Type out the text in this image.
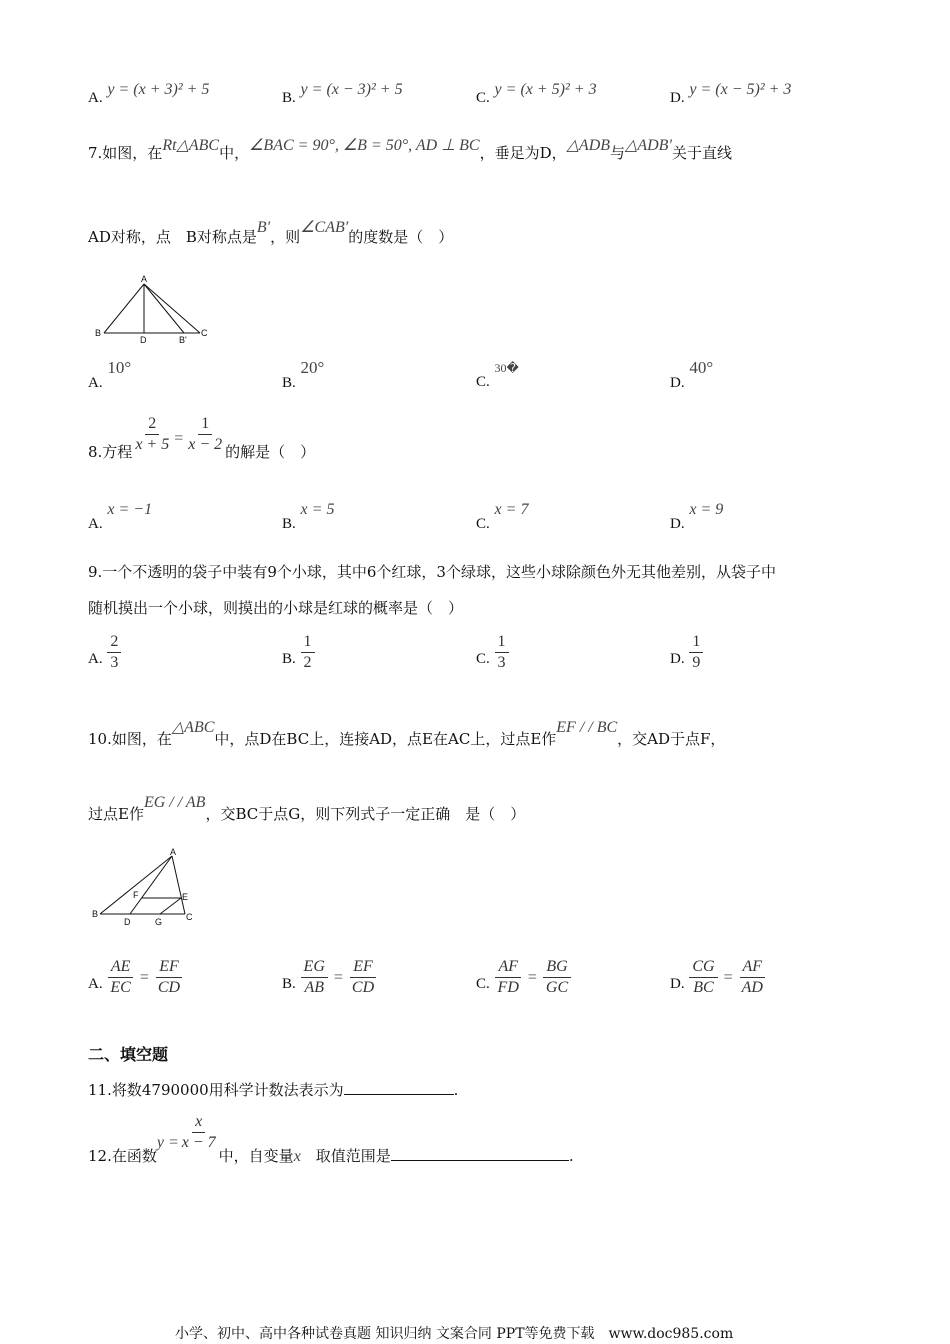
A. y = (x + 3)² + 5	B. y = (x − 3)² + 5	C. y = (x + 5)² + 3	D. y = (x − 5)² + 3
7.如图，在Rt△ABC中，∠BAC = 90°, ∠B = 50°, AD ⊥ BC，垂足为D，△ADB与△ADB′关于直线
AD对称，点　B对称点是B′，则∠CAB′的度数是（　）
A
B	C
D	B'
A. 10°
B. 20°
C. 30�
D. 40°
8.方程 $\frac{2}{x + 5} = \frac{1}{x - 2}$ 的解是（　）
A. x = −1
B. x = 5
C. x = 7
D. x = 9
9.一个不透明的袋子中装有9个小球，其中6个红球，3个绿球，这些小球除颜色外无其他差别，从袋子中
随机摸出一个小球，则摸出的小球是红球的概率是（　）
A. $\frac{2}{3}$	B. $\frac{1}{2}$	C. $\frac{1}{3}$	D. $\frac{1}{9}$
10.如图，在△ABC中，点D在BC上，连接AD，点E在AC上，过点E作EF / / BC，交AD于点F，
过点E作EG / / AB，交BC于点G，则下列式子一定正确　是（　）
A
B	C
D
E
F
G
A. $\frac{AE}{EC} = \frac{EF}{CD}$	B. $\frac{EG}{AB} = \frac{EF}{CD}$	C. $\frac{AF}{FD} = \frac{BG}{GC}$	D. $\frac{CG}{BC} = \frac{AF}{AD}$
二、填空题
11.将数4790000用科学计数法表示为	.
12.在函数$y = \frac{x}{x - 7}$
中，自变量x　取值范围是	.
小学、初中、高中各种试卷真题 知识归纳 文案合同 PPT等免费下载　www.doc985.com
